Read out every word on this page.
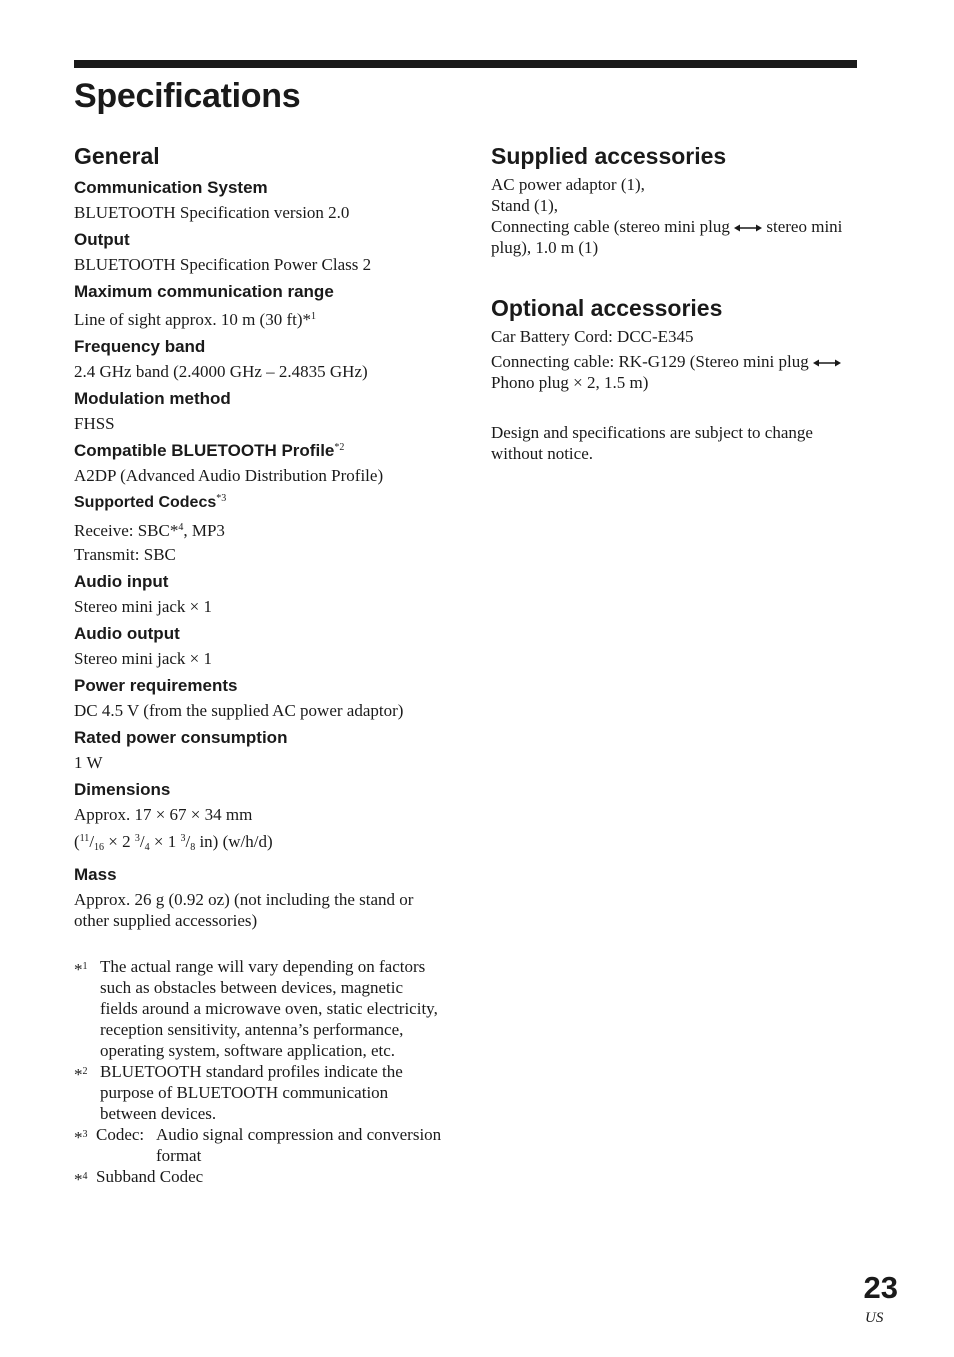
Specifications
General
Communication System
BLUETOOTH Specification version 2.0
Output
BLUETOOTH Specification Power Class 2
Maximum communication range
Line of sight approx. 10 m (30 ft)*$^1$
Frequency band
2.4 GHz band (2.4000 GHz – 2.4835 GHz)
Modulation method
FHSS
Compatible BLUETOOTH Profile$^{*2}$
A2DP (Advanced Audio Distribution Profile)
Supported Codecs$^{*3}$
Receive: SBC*$^4$, MP3
Transmit: SBC
Audio input
Stereo mini jack × 1
Audio output
Stereo mini jack × 1
Power requirements
DC 4.5 V (from the supplied AC power adaptor)
Rated power consumption
1 W
Dimensions
Approx. 17 × 67 × 34 mm
($^{11}/_{16} \times 2$ $^3/_4 \times 1$ $^3/_8$ in) (w/h/d)
Mass
Approx. 26 g (0.92 oz) (not including the stand or other supplied accessories)
*$^1$ The actual range will vary depending on factors such as obstacles between devices, magnetic fields around a microwave oven, static electricity, reception sensitivity, antenna’s performance, operating system, software application, etc.
*$^2$ BLUETOOTH standard profiles indicate the purpose of BLUETOOTH communication between devices.
*$^3$ Codec: Audio signal compression and conversion format
*$^4$ Subband Codec
Supplied accessories

AC power adaptor (1),

Stand (1),

Connecting cable (stereo mini plug stereo mini plug), 1.0 m (1)

Optional accessories

Car Battery Cord: DCC-E345

Connecting cable: RK-G129 (Stereo mini plug  Phono plug × 2, 1.5 m)

Design and specifications are subject to change without notice.

23
US
